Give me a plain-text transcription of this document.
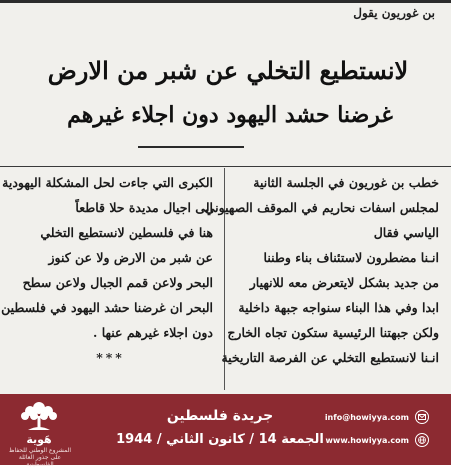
بن غوريون يقول
لانستطيع التخلي عن شبر من الارض
غرضنا حشد اليهود دون اجلاء غيرهم
خطب بن غوريون في الجلسة الثانية
لمجلس اسفات نحاريم في الموقف الصهيوني
الياسي فقال
انـنا مضطرون لاستئناف بناء وطننا
من جديد بشكل لايتعرض معه للانهيار
ابدا وفي هذا البناء سنواجه جبهة داخلية
ولكن جبهتنا الرئيسية ستكون تجاه الخارج
انـنا لانستطيع التخلي عن الفرصة التاريخية
الكبرى التي جاءت لحل المشكلة اليهودية
الى اجيال مديدة حلا قاطعاً
هنا في فلسطين لانستطيع التخلي
عن شبر من الارض ولا عن كنوز
البحر ولاعن قمم الجبال ولاعن سطح
البحر ان غرضنا حشد اليهود في فلسطين
دون اجلاء غيرهم عنها .
***
هَوية
المشروع الوطني للحفاظ على جذور العائلة الفلسطينية
جريدة فلسطين
الجمعة 14 / كانون الثاني / 1944
info@howiyya.com
www.howiyya.com
